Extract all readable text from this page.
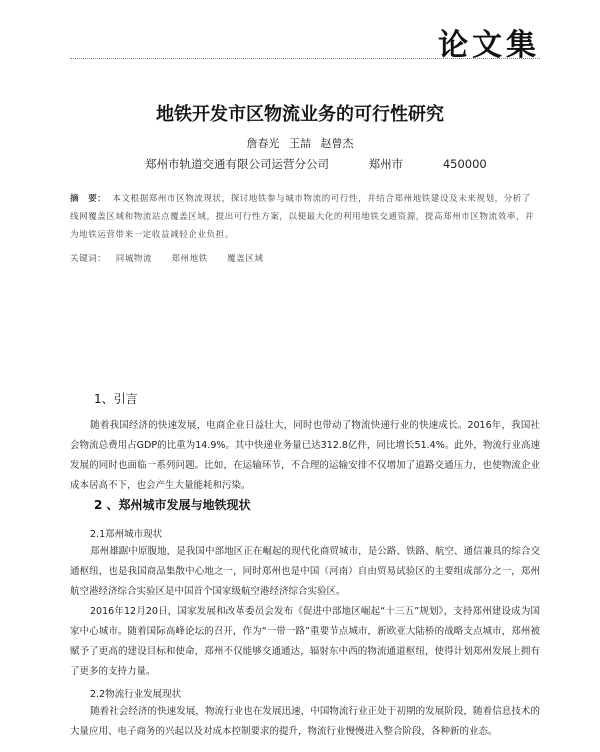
论文集
地铁开发市区物流业务的可行性研究
詹春光 王喆 赵曾杰
郑州市轨道交通有限公司运营分公司	郑州市	450000
摘　要： 本文根据郑州市区物流现状，探讨地铁参与城市物流的可行性，并结合郑州地铁建设及未来规划，分析了线网覆盖区域和物流站点覆盖区域，提出可行性方案，以便最大化的利用地铁交通资源，提高郑州市区物流效率，并为地铁运营带来一定收益减轻企业负担。
关键词： 同城物流 郑州地铁 覆盖区域
1、引言
随着我国经济的快速发展，电商企业日益壮大，同时也带动了物流快递行业的快速成长。2016年，我国社会物流总费用占GDP的比重为14.9%。其中快递业务量已达312.8亿件，同比增长51.4%。此外，物流行业高速发展的同时也面临一系列问题。比如，在运输环节，不合理的运输安排不仅增加了道路交通压力，也使物流企业成本居高不下，也会产生大量能耗和污染。
2 、郑州城市发展与地铁现状
2.1郑州城市现状
郑州雄踞中原腹地，是我国中部地区正在崛起的现代化商贸城市，是公路、铁路、航空、通信兼具的综合交通枢纽，也是我国商品集散中心地之一，同时郑州也是中国（河南）自由贸易试验区的主要组成部分之一，郑州航空港经济综合实验区是中国首个国家级航空港经济综合实验区。
2016年12月20日，国家发展和改革委员会发布《促进中部地区崛起“十三五”规划》，支持郑州建设成为国家中心城市。随着国际高峰论坛的召开，作为“一带一路”重要节点城市，新欧亚大陆桥的战略支点城市，郑州被赋予了更高的建设目标和使命，郑州不仅能够交通通达，辐射东中西的物流通道枢纽，使得计划郑州发展上拥有了更多的支持力量。
2.2物流行业发展现状
随着社会经济的快速发展，物流行业也在发展迅速，中国物流行业正处于初期的发展阶段，随着信息技术的大量应用、电子商务的兴起以及对成本控制要求的提升，物流行业慢慢进入整合阶段，各种新的业态。
